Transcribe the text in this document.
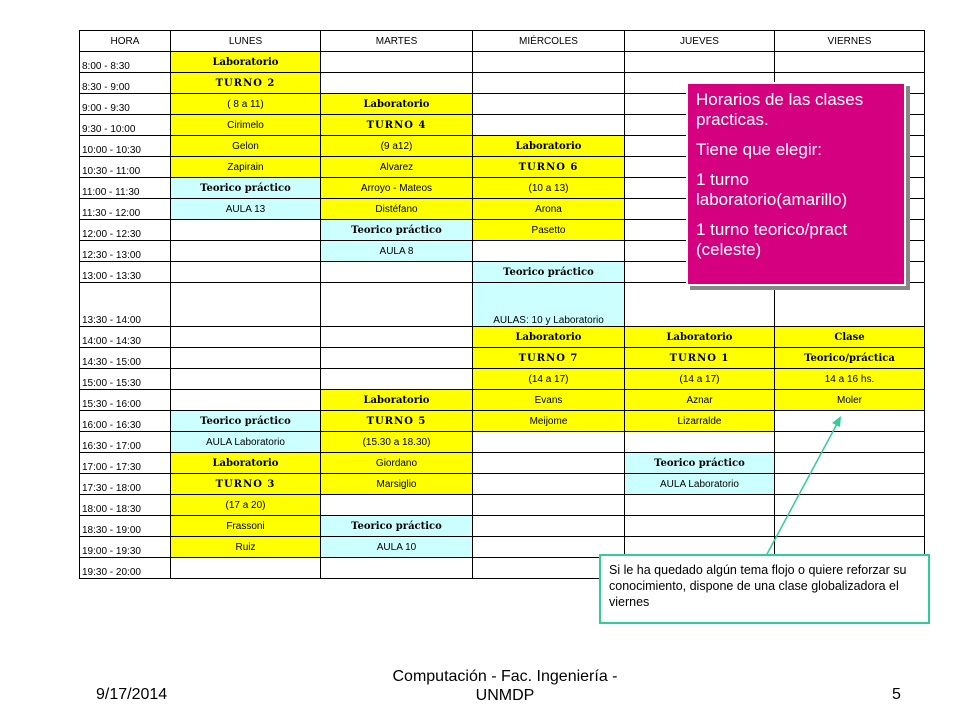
HORA	LUNES	MARTES	MIÉRCOLES	JUEVES	VIERNES
8:00 - 8:30	Laboratorio				
8:30 - 9:00	TURNO 2				
9:00 - 9:30	( 8 a 11)	Laboratorio			
9:30 - 10:00	Cirimelo	TURNO 4			
10:00 - 10:30	Gelon	(9 a12)	Laboratorio		
10:30 - 11:00	Zapirain	Alvarez	TURNO 6		
11:00 - 11:30	Teorico práctico	Arroyo - Mateos	(10 a 13)		
11:30 - 12:00	AULA 13	Distéfano	Arona		
12:00 - 12:30		Teorico práctico	Pasetto		
12:30 - 13:00		AULA 8			
13:00 - 13:30			Teorico práctico		
13:30 - 14:00			AULAS: 10 y Laboratorio		
14:00 - 14:30			Laboratorio	Laboratorio	Clase
14:30 - 15:00			TURNO 7	TURNO 1	Teorico/práctica
15:00 - 15:30			(14 a 17)	(14 a 17)	14 a 16 hs.
15:30 - 16:00		Laboratorio	Evans	Aznar	Moler
16:00 - 16:30	Teorico práctico	TURNO 5	Meijome	Lizarralde	
16:30 - 17:00	AULA Laboratorio	(15.30 a 18.30)			
17:00 - 17:30	Laboratorio	Giordano		Teorico práctico	
17:30 - 18:00	TURNO 3	Marsiglio		AULA Laboratorio	
18:00 - 18:30	(17 a 20)				
18:30 - 19:00	Frassoni	Teorico práctico			
19:00 - 19:30	Ruiz	AULA 10			
19:30 - 20:00					

Horarios de las clases practicas.

Tiene que elegir:

1 turno laboratorio(amarillo)

1 turno teorico/pract (celeste)

Si le ha quedado algún tema flojo o quiere reforzar su conocimiento, dispone de una clase globalizadora el viernes
9/17/2014
Computación - Fac. Ingeniería - UNMDP	5
